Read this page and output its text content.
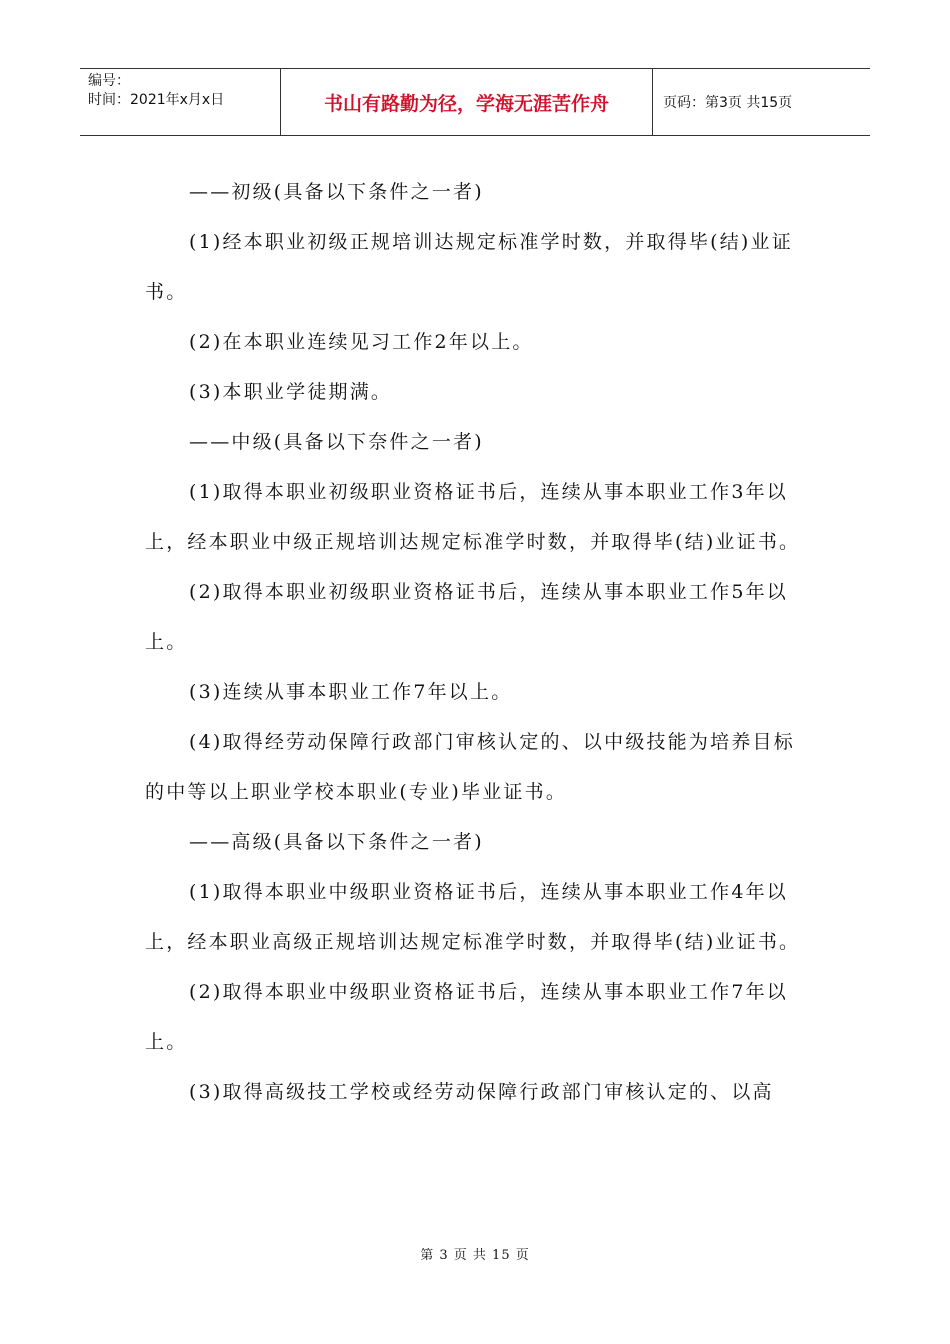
编号：
时间：2021年x月x日	书山有路勤为径，学海无涯苦作舟	页码：第3页 共15页

——初级(具备以下条件之一者)

(1)经本职业初级正规培训达规定标准学时数，并取得毕(结)业证书。

(2)在本职业连续见习工作2年以上。

(3)本职业学徒期满。

——中级(具备以下奈件之一者)

(1)取得本职业初级职业资格证书后，连续从事本职业工作3年以上，经本职业中级正规培训达规定标准学时数，并取得毕(结)业证书。

(2)取得本职业初级职业资格证书后，连续从事本职业工作5年以上。

(3)连续从事本职业工作7年以上。

(4)取得经劳动保障行政部门审核认定的、以中级技能为培养目标的中等以上职业学校本职业(专业)毕业证书。

——高级(具备以下条件之一者)

(1)取得本职业中级职业资格证书后，连续从事本职业工作4年以上，经本职业高级正规培训达规定标准学时数，并取得毕(结)业证书。

(2)取得本职业中级职业资格证书后，连续从事本职业工作7年以上。

(3)取得高级技工学校或经劳动保障行政部门审核认定的、以高

第 3 页 共 15 页
